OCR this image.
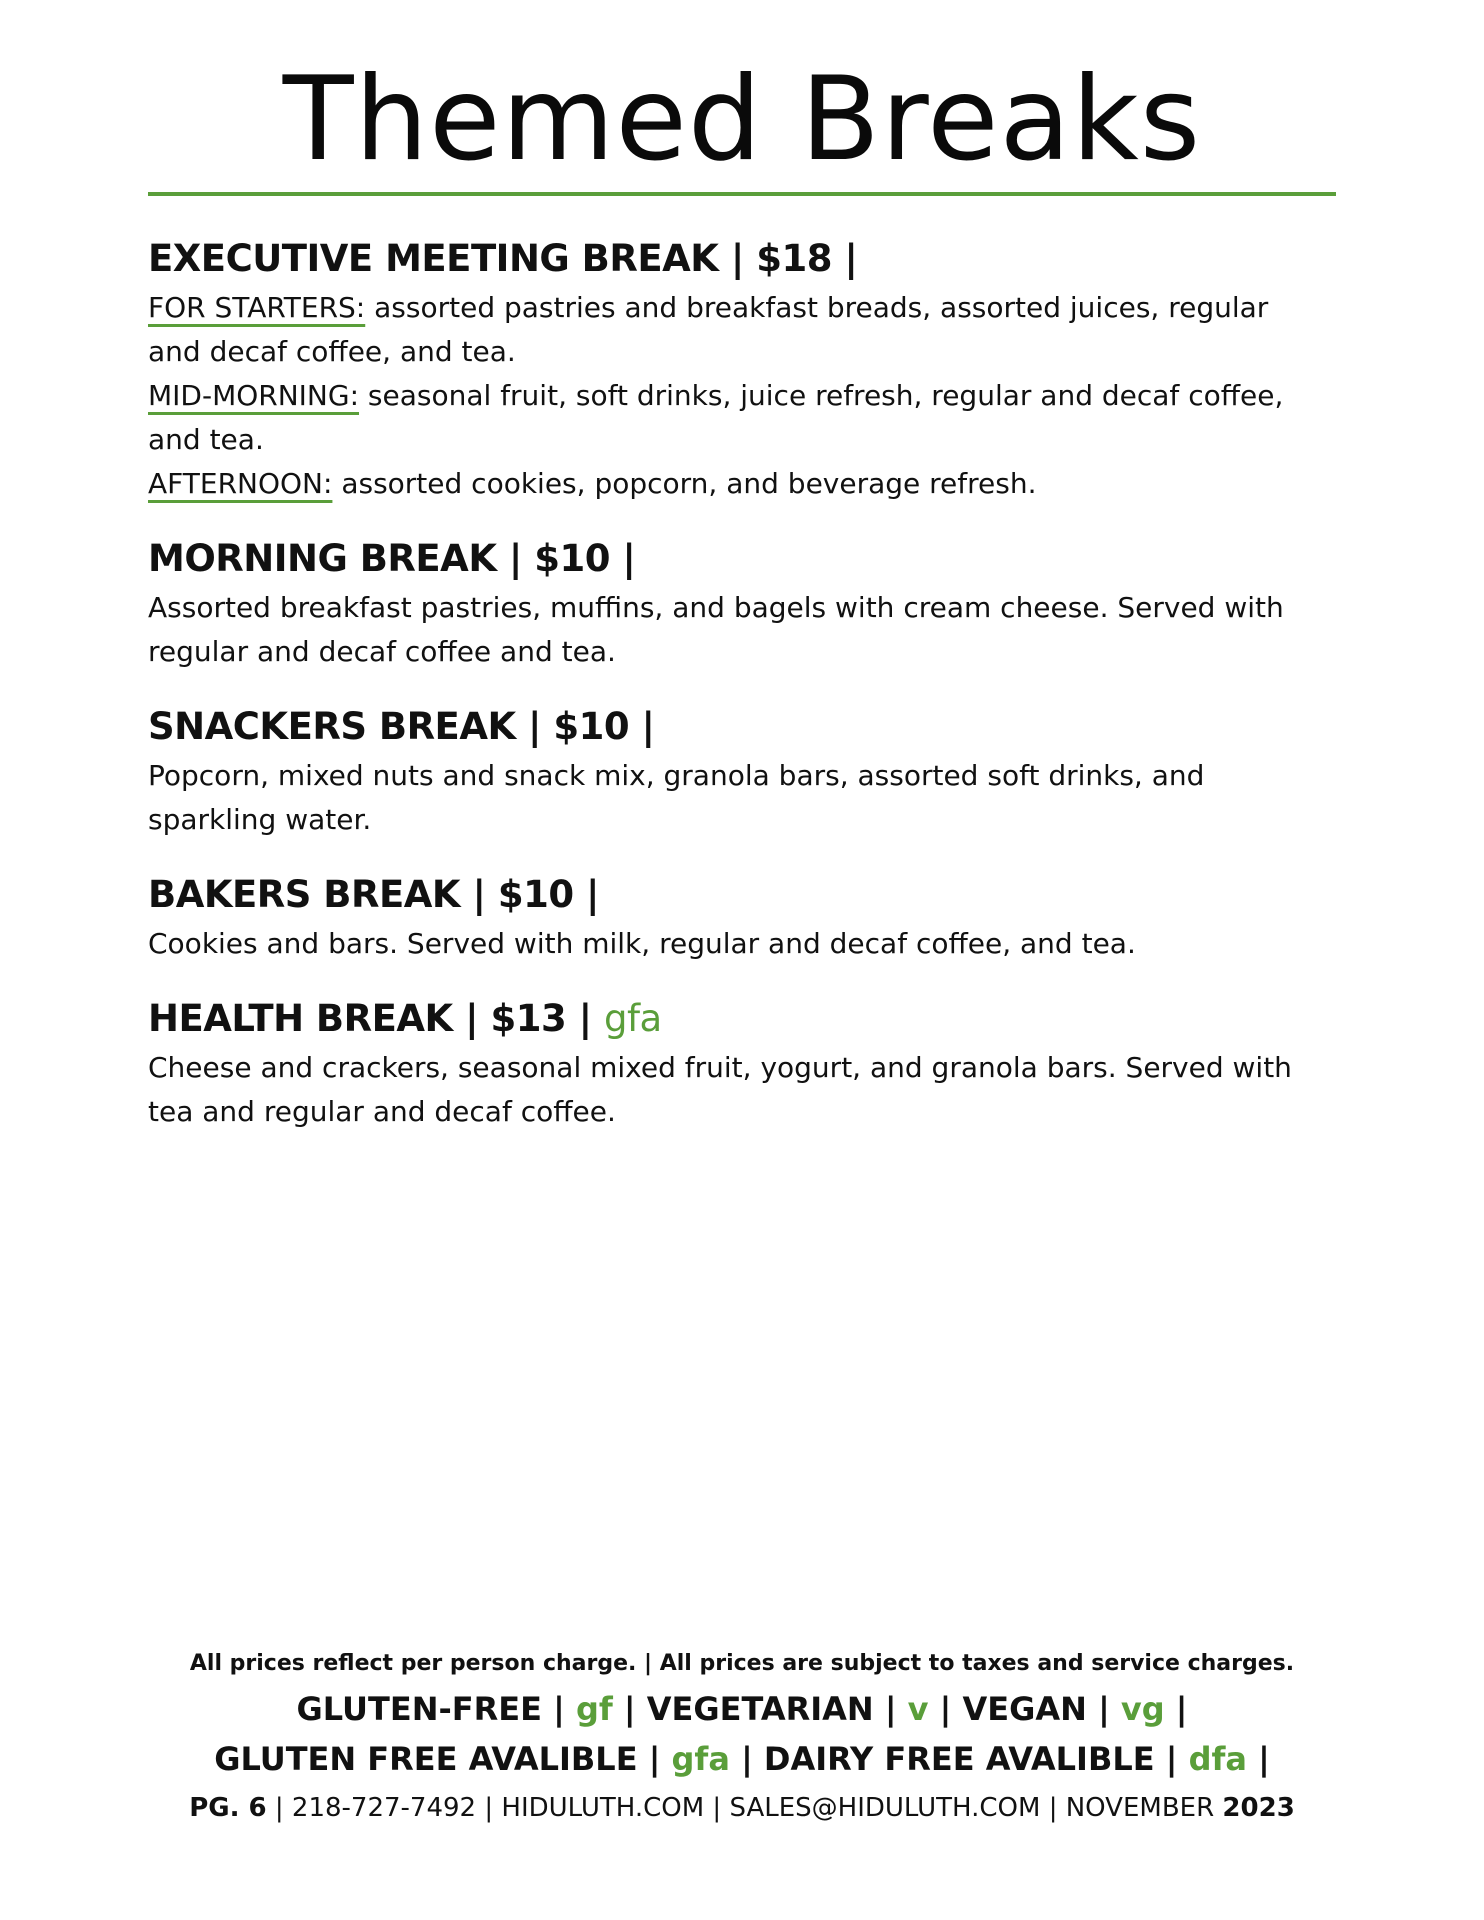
Themed Breaks
EXECUTIVE MEETING BREAK | $18 |

FOR STARTERS: assorted pastries and breakfast breads, assorted juices, regular and decaf coffee, and tea.

MID-MORNING: seasonal fruit, soft drinks, juice refresh, regular and decaf coffee, and tea.

AFTERNOON: assorted cookies, popcorn, and beverage refresh.

MORNING BREAK | $10 |

Assorted breakfast pastries, muffins, and bagels with cream cheese. Served with regular and decaf coffee and tea.

SNACKERS BREAK | $10 |

Popcorn, mixed nuts and snack mix, granola bars, assorted soft drinks, and sparkling water.

BAKERS BREAK | $10 |

Cookies and bars. Served with milk, regular and decaf coffee, and tea.

HEALTH BREAK | $13 | gfa

Cheese and crackers, seasonal mixed fruit, yogurt, and granola bars. Served with tea and regular and decaf coffee.

All prices reflect per person charge. | All prices are subject to taxes and service charges.

GLUTEN-FREE | gf | VEGETARIAN | v | VEGAN | vg |

GLUTEN FREE AVALIBLE | gfa | DAIRY FREE AVALIBLE | dfa |

PG. 6 | 218-727-7492 | HIDULUTH.COM | SALES@HIDULUTH.COM | NOVEMBER 2023
